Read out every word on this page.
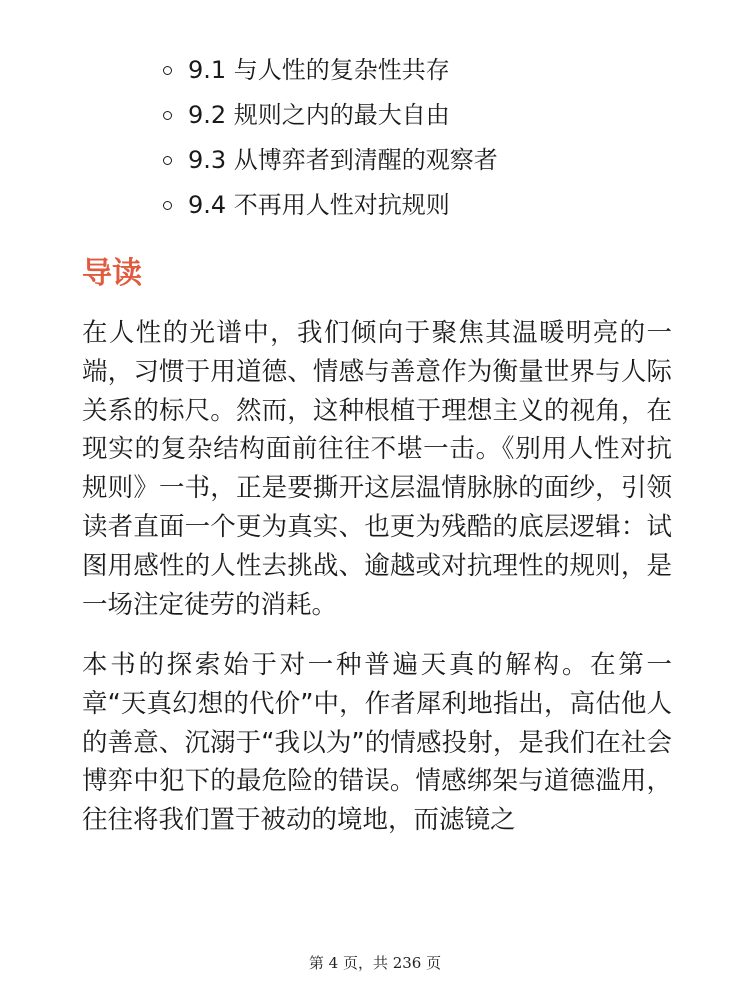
9.1 与人性的复杂性共存
9.2 规则之内的最大自由
9.3 从博弈者到清醒的观察者
9.4 不再用人性对抗规则
导读

在人性的光谱中，我们倾向于聚焦其温暖明亮的一端，习惯于用道德、情感与善意作为衡量世界与人际关系的标尺。然而，这种根植于理想主义的视角，在现实的复杂结构面前往往不堪一击。《别用人性对抗规则》一书，正是要撕开这层温情脉脉的面纱，引领读者直面一个更为真实、也更为残酷的底层逻辑：试图用感性的人性去挑战、逾越或对抗理性的规则，是一场注定徒劳的消耗。

本书的探索始于对一种普遍天真的解构。在第一章“天真幻想的代价”中，作者犀利地指出，高估他人的善意、沉溺于“我以为”的情感投射，是我们在社会博弈中犯下的最危险的错误。情感绑架与道德滥用，往往将我们置于被动的境地，而滤镜之

第 4 页，共 236 页
